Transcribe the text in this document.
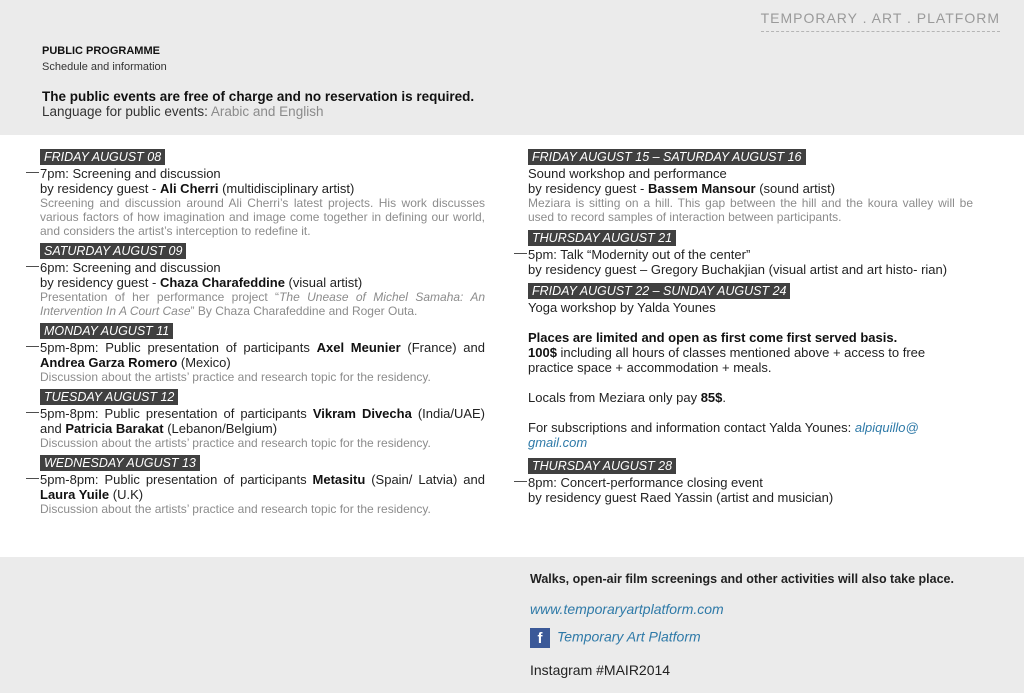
TEMPORARY . ART . PLATFORM
PUBLIC PROGRAMME
Schedule and information
The public events are free of charge and no reservation is required.
Language for public events: Arabic and English
FRIDAY AUGUST 08
— 7pm: Screening and discussion
by residency guest - Ali Cherri (multidisciplinary artist)
Screening and discussion around Ali Cherri’s latest projects. His work discusses various factors of how imagination and image come together in defining our world, and considers the artist’s interception to redefine it.
SATURDAY AUGUST 09
— 6pm: Screening and discussion
by residency guest - Chaza Charafeddine (visual artist)
Presentation of her performance project “The Unease of Michel Samaha: An Intervention In A Court Case” By Chaza Charafeddine and Roger Outa.
MONDAY AUGUST 11
— 5pm-8pm: Public presentation of participants Axel Meunier (France) and Andrea Garza Romero (Mexico)
Discussion about the artists’ practice and research topic for the residency.
TUESDAY AUGUST 12
— 5pm-8pm: Public presentation of participants Vikram Divecha (India/UAE) and Patricia Barakat (Lebanon/Belgium)
Discussion about the artists’ practice and research topic for the residency.
WEDNESDAY AUGUST 13
— 5pm-8pm: Public presentation of participants Metasitu (Spain/ Latvia) and Laura Yuile (U.K)
Discussion about the artists’ practice and research topic for the residency.
FRIDAY AUGUST 15 – SATURDAY AUGUST 16
Sound workshop and performance
by residency guest - Bassem Mansour (sound artist)
Meziara is sitting on a hill. This gap between the hill and the koura valley will be used to record samples of interaction between participants.
THURSDAY AUGUST 21
— 5pm: Talk “Modernity out of the center”
by residency guest – Gregory Buchakjian (visual artist and art histo- rian)
FRIDAY AUGUST 22 – SUNDAY AUGUST 24
Yoga workshop by Yalda Younes
Places are limited and open as first come first served basis.
100$ including all hours of classes mentioned above + access to free practice space + accommodation + meals.
Locals from Meziara only pay 85$.
For subscriptions and information contact Yalda Younes: alpiquillo@ gmail.com
THURSDAY AUGUST 28
— 8pm: Concert-performance closing event
by residency guest Raed Yassin (artist and musician)
Walks, open-air film screenings and other activities will also take place.
www.temporaryartplatform.com
f Temporary Art Platform
Instagram #MAIR2014
